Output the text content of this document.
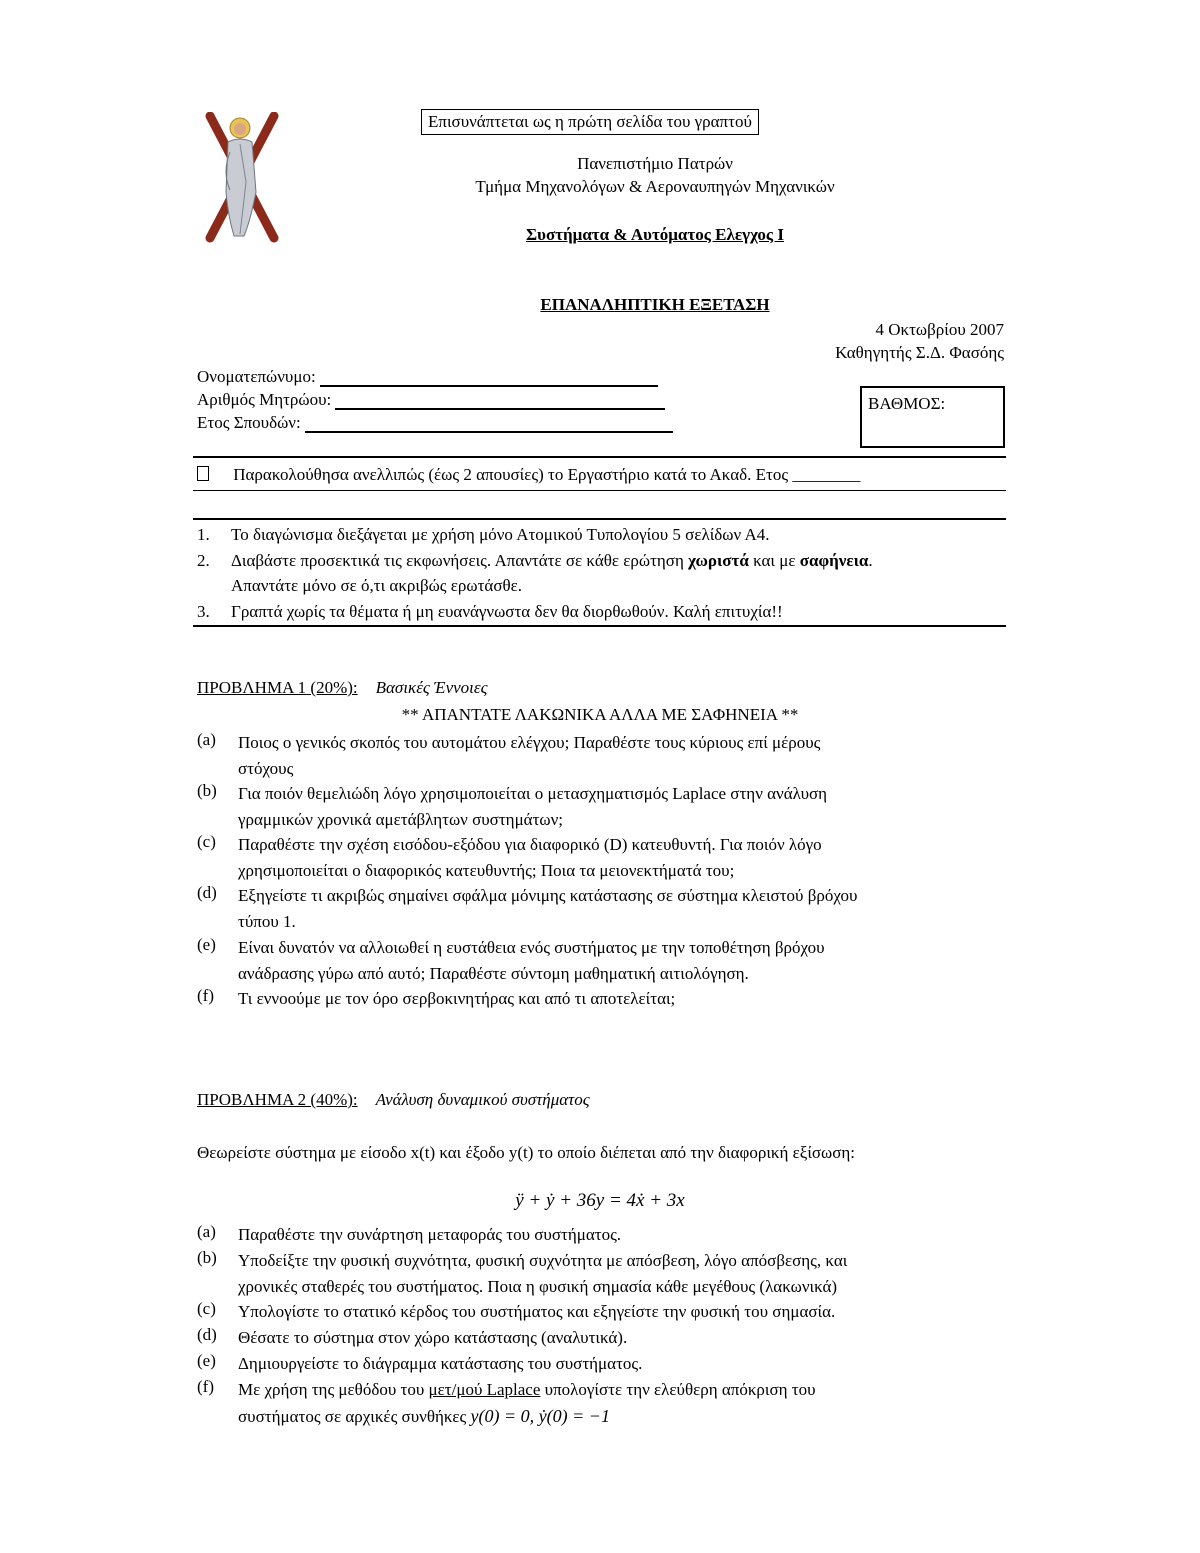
Επισυνάπτεται ως η πρώτη σελίδα του γραπτού
Πανεπιστήμιο Πατρών
Τμήμα Μηχανολόγων & Αεροναυπηγών Μηχανικών
Συστήματα & Αυτόματος Ελεγχος Ι
ΕΠΑΝΑΛΗΠΤΙΚΗ ΕΞΕΤΑΣΗ
4 Οκτωβρίου 2007
Καθηγητής Σ.Δ. Φασόης
Ονοματεπώνυμο:
Αριθμός Μητρώου:
Ετος Σπουδών:
ΒΑΘΜΟΣ:
Παρακολούθησα ανελλιπώς (έως 2 απουσίες) το Εργαστήριο κατά το Ακαδ. Ετος ________
1. Το διαγώνισμα διεξάγεται με χρήση μόνο Ατομικού Τυπολογίου 5 σελίδων Α4.
2. Διαβάστε προσεκτικά τις εκφωνήσεις. Απαντάτε σε κάθε ερώτηση χωριστά και με σαφήνεια.
Απαντάτε μόνο σε ό,τι ακριβώς ερωτάσθε.
3. Γραπτά χωρίς τα θέματα ή μη ευανάγνωστα δεν θα διορθωθούν. Καλή επιτυχία!!
ΠΡΟΒΛΗΜΑ 1 (20%): Βασικές Έννοιες
** ΑΠΑΝΤΑΤΕ ΛΑΚΩΝΙΚΑ ΑΛΛΑ ΜΕ ΣΑΦΗΝΕΙΑ **
(a) Ποιος ο γενικός σκοπός του αυτομάτου ελέγχου; Παραθέστε τους κύριους επί μέρους
στόχους
(b) Για ποιόν θεμελιώδη λόγο χρησιμοποιείται ο μετασχηματισμός Laplace στην ανάλυση
γραμμικών χρονικά αμετάβλητων συστημάτων;
(c) Παραθέστε την σχέση εισόδου-εξόδου για διαφορικό (D) κατευθυντή. Για ποιόν λόγο
χρησιμοποιείται ο διαφορικός κατευθυντής; Ποια τα μειονεκτήματά του;
(d) Εξηγείστε τι ακριβώς σημαίνει σφάλμα μόνιμης κατάστασης σε σύστημα κλειστού βρόχου
τύπου 1.
(e) Είναι δυνατόν να αλλοιωθεί η ευστάθεια ενός συστήματος με την τοποθέτηση βρόχου
ανάδρασης γύρω από αυτό; Παραθέστε σύντομη μαθηματική αιτιολόγηση.
(f) Τι εννοούμε με τον όρο σερβοκινητήρας και από τι αποτελείται;
ΠΡΟΒΛΗΜΑ 2 (40%): Ανάλυση δυναμικού συστήματος
Θεωρείστε σύστημα με είσοδο x(t) και έξοδο y(t) το οποίο διέπεται από την διαφορική εξίσωση:
ÿ + ẏ + 36y = 4ẋ + 3x
(a) Παραθέστε την συνάρτηση μεταφοράς του συστήματος.
(b) Υποδείξτε την φυσική συχνότητα, φυσική συχνότητα με απόσβεση, λόγο απόσβεσης, και
χρονικές σταθερές του συστήματος. Ποια η φυσική σημασία κάθε μεγέθους (λακωνικά)
(c) Υπολογίστε το στατικό κέρδος του συστήματος και εξηγείστε την φυσική του σημασία.
(d) Θέσατε το σύστημα στον χώρο κατάστασης (αναλυτικά).
(e) Δημιουργείστε το διάγραμμα κατάστασης του συστήματος.
(f) Με χρήση της μεθόδου του μετ/μού Laplace υπολογίστε την ελεύθερη απόκριση του
συστήματος σε αρχικές συνθήκες y(0) = 0, ẏ(0) = −1
